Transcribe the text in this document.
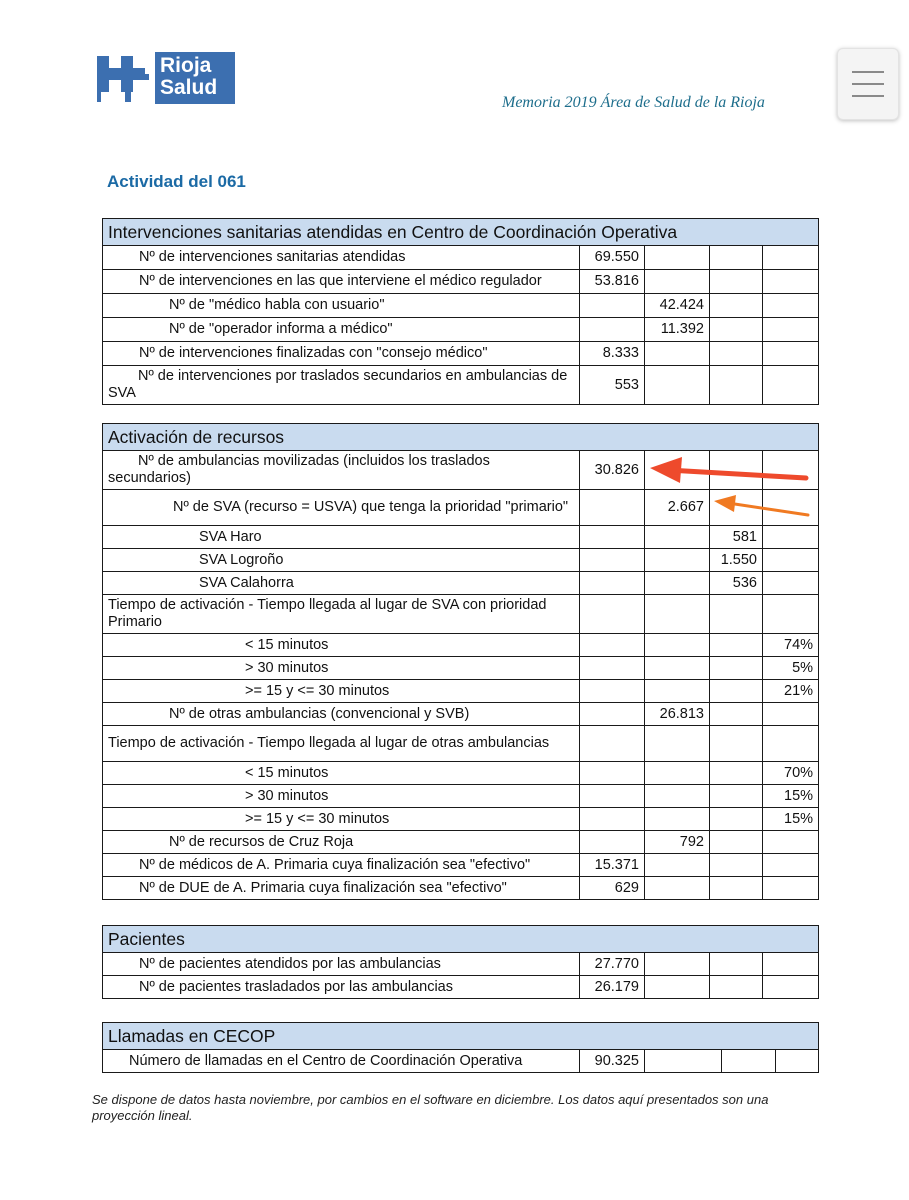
Rioja
Salud
Memoria 2019 Área de Salud de la Rioja
Actividad del 061
Intervenciones sanitarias atendidas en Centro de Coordinación Operativa				
Nº de intervenciones sanitarias atendidas	69.550			
Nº de intervenciones en las que interviene el médico regulador	53.816			
Nº de "médico habla con usuario"		42.424		
Nº de "operador informa a médico"		11.392		
Nº de intervenciones finalizadas con "consejo médico"	8.333			
Nº de intervenciones por traslados secundarios en ambulancias de SVA	553			
Activación de recursos				
Nº de ambulancias movilizadas (incluidos los traslados secundarios)	30.826			
Nº de SVA (recurso = USVA) que tenga la prioridad "primario"		2.667		
SVA Haro			581	
SVA Logroño			1.550	
SVA Calahorra			536	
Tiempo de activación - Tiempo llegada al lugar de SVA con prioridad Primario				
< 15 minutos				74%
> 30 minutos				5%
>= 15 y <= 30 minutos				21%
Nº de otras ambulancias (convencional y SVB)		26.813		
Tiempo de activación - Tiempo llegada al lugar de otras ambulancias				
< 15 minutos				70%
> 30 minutos				15%
>= 15 y <= 30 minutos				15%
Nº de recursos de Cruz Roja		792		
Nº de médicos de A. Primaria cuya finalización sea "efectivo"	15.371			
Nº de DUE de A. Primaria cuya finalización sea "efectivo"	629			
Pacientes				
Nº de pacientes atendidos por las ambulancias	27.770			
Nº de pacientes trasladados por las ambulancias	26.179			
Llamadas en CECOP
Número de llamadas en el Centro de Coordinación Operativa	90.325			
Se dispone de datos hasta noviembre, por cambios en el software en diciembre. Los datos aquí presentados son una proyección lineal.
